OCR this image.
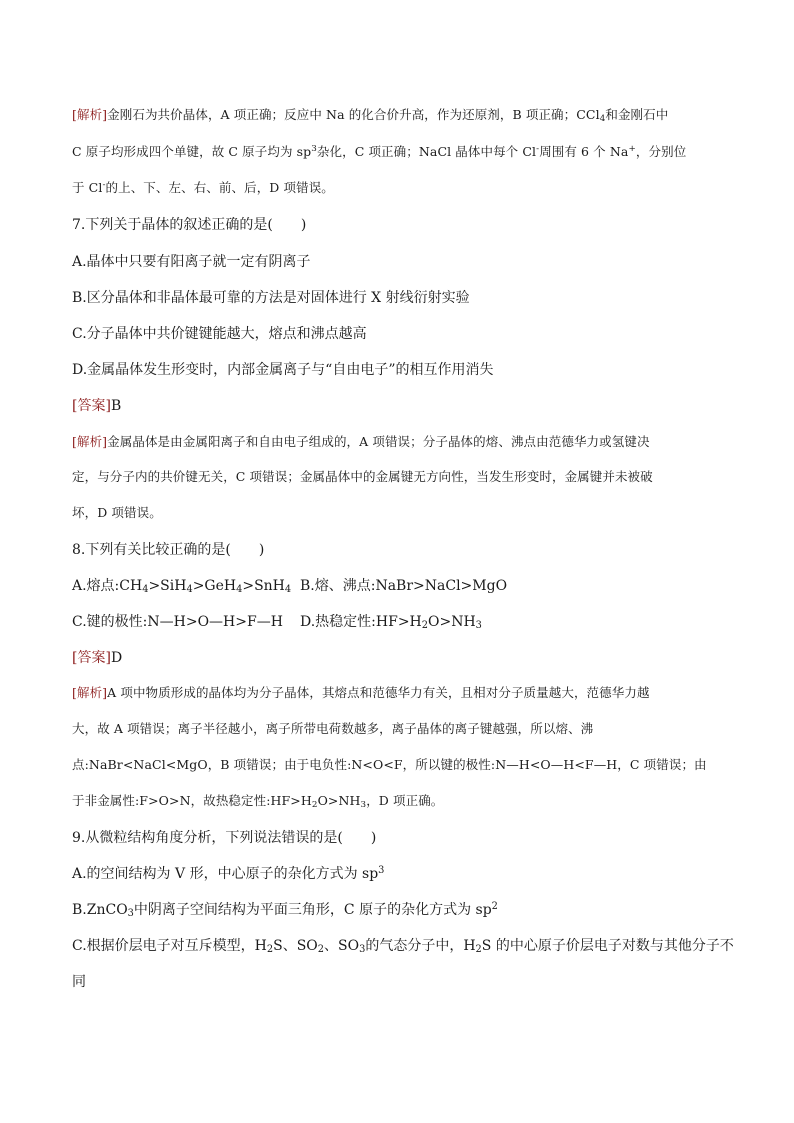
[解析]金刚石为共价晶体，A 项正确；反应中 Na 的化合价升高，作为还原剂，B 项正确；CCl$_4$和金刚石中
C 原子均形成四个单键，故 C 原子均为 $sp^3$杂化，C 项正确；NaCl 晶体中每个 Cl-周围有 6 个 Na+，分别位
于 Cl-的上、下、左、右、前、后，D 项错误。
7.下列关于晶体的叙述正确的是(　　)
A.晶体中只要有阳离子就一定有阴离子
B.区分晶体和非晶体最可靠的方法是对固体进行 X 射线衍射实验
C.分子晶体中共价键键能越大，熔点和沸点越高
D.金属晶体发生形变时，内部金属离子与“自由电子”的相互作用消失
[答案]B
[解析]金属晶体是由金属阳离子和自由电子组成的，A 项错误；分子晶体的熔、沸点由范德华力或氢键决
定，与分子内的共价键无关，C 项错误；金属晶体中的金属键无方向性，当发生形变时，金属键并未被破
坏，D 项错误。
8.下列有关比较正确的是(　　)
A.熔点$:CH_4>SiH_4>GeH_4>SnH_4$ B.熔、沸点:NaBr>NaCl>MgO
C.键的极性:N—H>O—H>F—H D.热稳定性$:HF>H_2O>NH_3$
[答案]D
[解析]A 项中物质形成的晶体均为分子晶体，其熔点和范德华力有关，且相对分子质量越大，范德华力越
大，故 A 项错误；离子半径越小，离子所带电荷数越多，离子晶体的离子键越强，所以熔、沸
点:NaBr<NaCl<MgO，B 项错误；由于电负性:N<O<F，所以键的极性:N—H<O—H<F—H，C 项错误；由
于非金属性:F>O>N，故热稳定性$:HF>H_2O>NH_3$，D 项正确。
9.从微粒结构角度分析，下列说法错误的是(　　)
A.的空间结构为 V 形，中心原子的杂化方式为 $sp^3$
B.ZnCO$_3$中阴离子空间结构为平面三角形，C 原子的杂化方式为 $sp^2$
C.根据价层电子对互斥模型，$H_2S$、$SO_2$、$SO_3$的气态分子中，$H_2S$ 的中心原子价层电子对数与其他分子不
同
